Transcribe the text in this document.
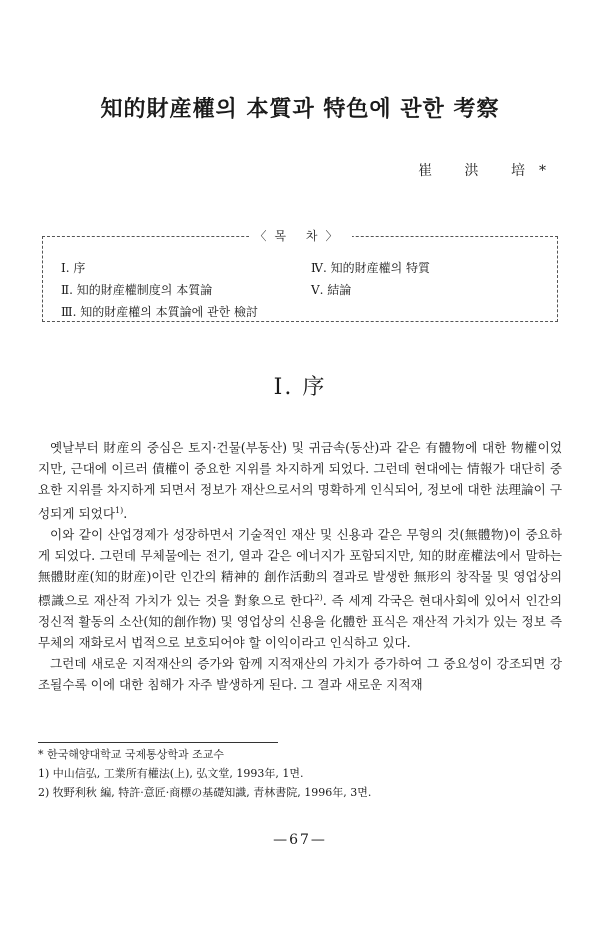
知的財産權의 本質과 特色에 관한 考察
崔 洪 培*
〈목 차〉
Ⅰ. 序
Ⅱ. 知的財産權制度의 本質論
Ⅲ. 知的財産權의 本質論에 관한 檢討
Ⅳ. 知的財産權의 特質
Ⅴ. 結論
Ⅰ. 序

옛날부터 財産의 중심은 토지·건물(부동산) 및 귀금속(동산)과 같은 有體物에 대한 物權이었지만, 근대에 이르러 債權이 중요한 지위를 차지하게 되었다. 그런데 현대에는 情報가 대단히 중요한 지위를 차지하게 되면서 정보가 재산으로서의 명확하게 인식되어, 정보에 대한 法理論이 구성되게 되었다$^{1)}$.

이와 같이 산업경제가 성장하면서 기술적인 재산 및 신용과 같은 무형의 것(無體物)이 중요하게 되었다. 그런데 무체물에는 전기, 열과 같은 에너지가 포함되지만, 知的財産權法에서 말하는 無體財産(知的財産)이란 인간의 精神的 創作活動의 결과로 발생한 無形의 창작물 및 영업상의 標識으로 재산적 가치가 있는 것을 對象으로 한다$^{2)}$. 즉 세계 각국은 현대사회에 있어서 인간의 정신적 활동의 소산(知的創作物) 및 영업상의 신용을 化體한 표식은 재산적 가치가 있는 정보 즉 무체의 재화로서 법적으로 보호되어야 할 이익이라고 인식하고 있다.

그런데 새로운 지적재산의 증가와 함께 지적재산의 가치가 증가하여 그 중요성이 강조되면 강조될수록 이에 대한 침해가 자주 발생하게 된다. 그 결과 새로운 지적재

* 한국해양대학교 국제통상학과 조교수
1) 中山信弘, 工業所有權法(上), 弘文堂, 1993年, 1면.
2) 牧野利秋 編, 特許·意匠·商標の基礎知識, 青林書院, 1996年, 3면.
—67—
